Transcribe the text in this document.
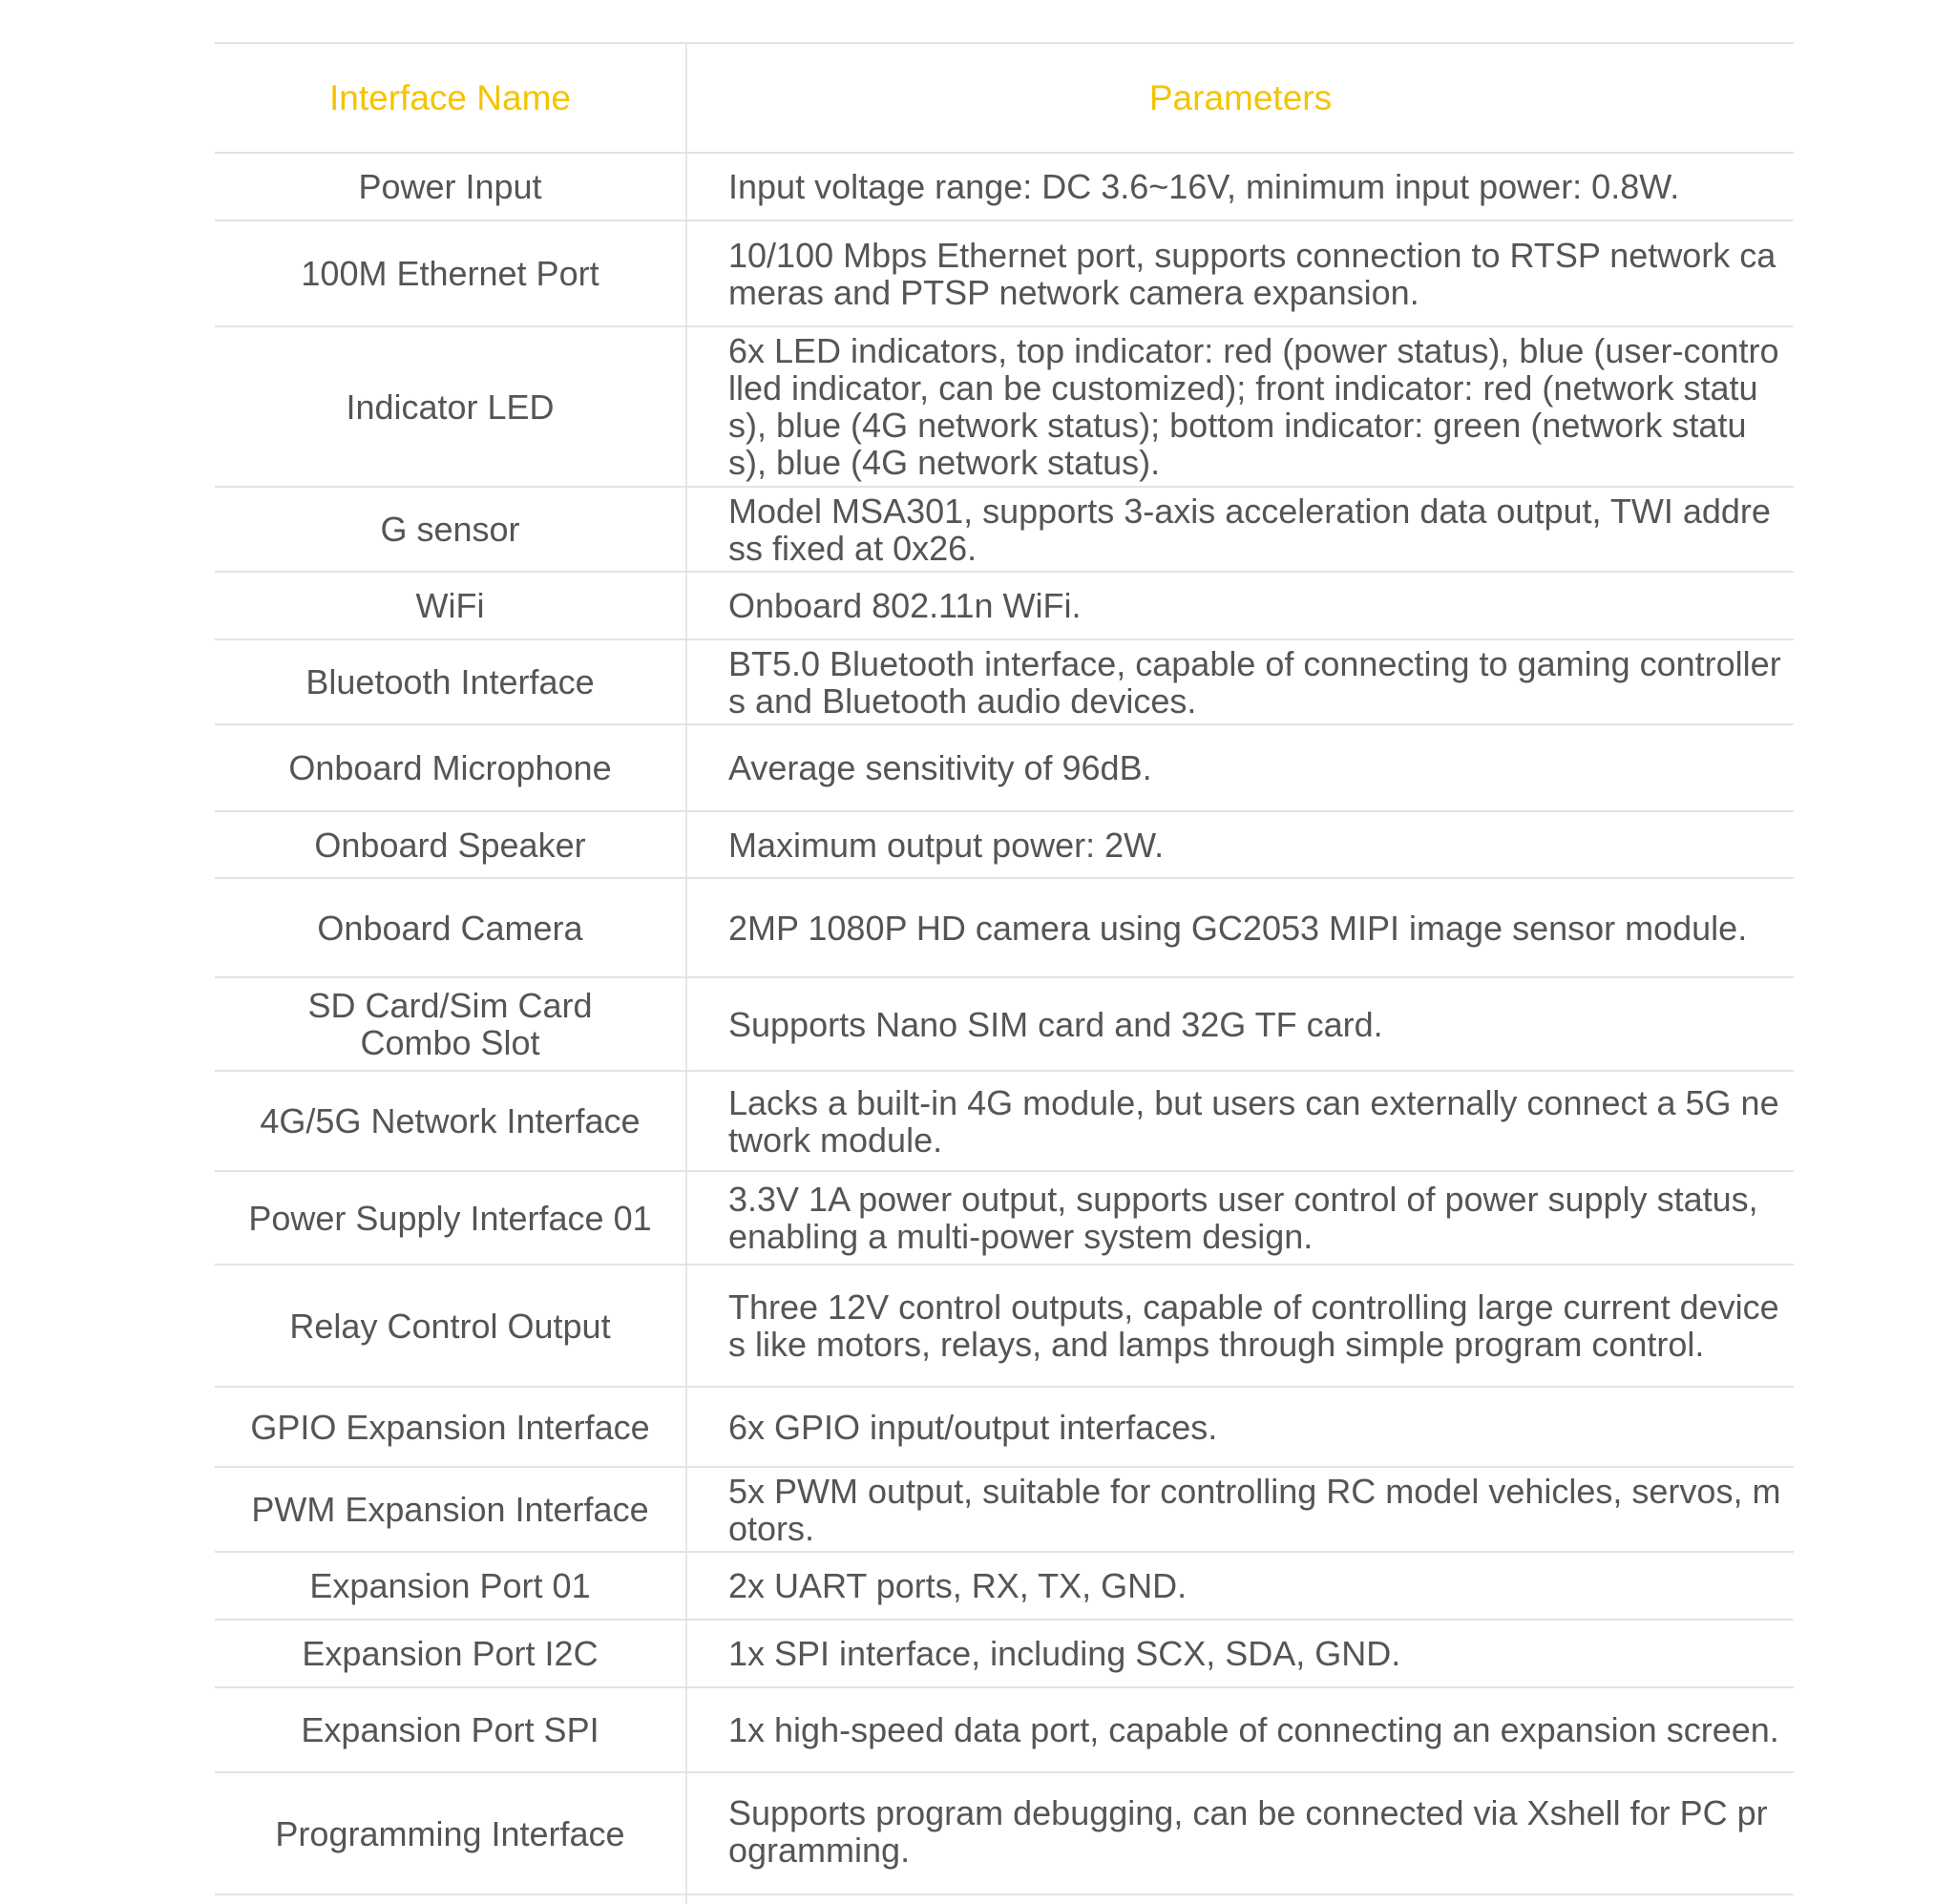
Interface Name	Parameters
Power Input	Input voltage range: DC 3.6~16V, minimum input power: 0.8W.
100M Ethernet Port	10/100 Mbps Ethernet port, supports connection to RTSP network cameras and PTSP network camera expansion.
Indicator LED	6x LED indicators, top indicator: red (power status), blue (user-controlled indicator, can be customized); front indicator: red (network status), blue (4G network status); bottom indicator: green (network status), blue (4G network status).
G sensor	Model MSA301, supports 3-axis acceleration data output, TWI address fixed at 0x26.
WiFi	Onboard 802.11n WiFi.
Bluetooth Interface	BT5.0 Bluetooth interface, capable of connecting to gaming controllers and Bluetooth audio devices.
Onboard Microphone	Average sensitivity of 96dB.
Onboard Speaker	Maximum output power: 2W.
Onboard Camera	2MP 1080P HD camera using GC2053 MIPI image sensor module.
SD Card/Sim Card Combo Slot	Supports Nano SIM card and 32G TF card.
4G/5G Network Interface	Lacks a built-in 4G module, but users can externally connect a 5G network module.
Power Supply Interface 01	3.3V 1A power output, supports user control of power supply status, enabling a multi-power system design.
Relay Control Output	Three 12V control outputs, capable of controlling large current devices like motors, relays, and lamps through simple program control.
GPIO Expansion Interface	6x GPIO input/output interfaces.
PWM Expansion Interface	5x PWM output, suitable for controlling RC model vehicles, servos, motors.
Expansion Port 01	2x UART ports, RX, TX, GND.
Expansion Port I2C	1x SPI interface, including SCX, SDA, GND.
Expansion Port SPI	1x high-speed data port, capable of connecting an expansion screen.
Programming Interface	Supports program debugging, can be connected via Xshell for PC programming.
